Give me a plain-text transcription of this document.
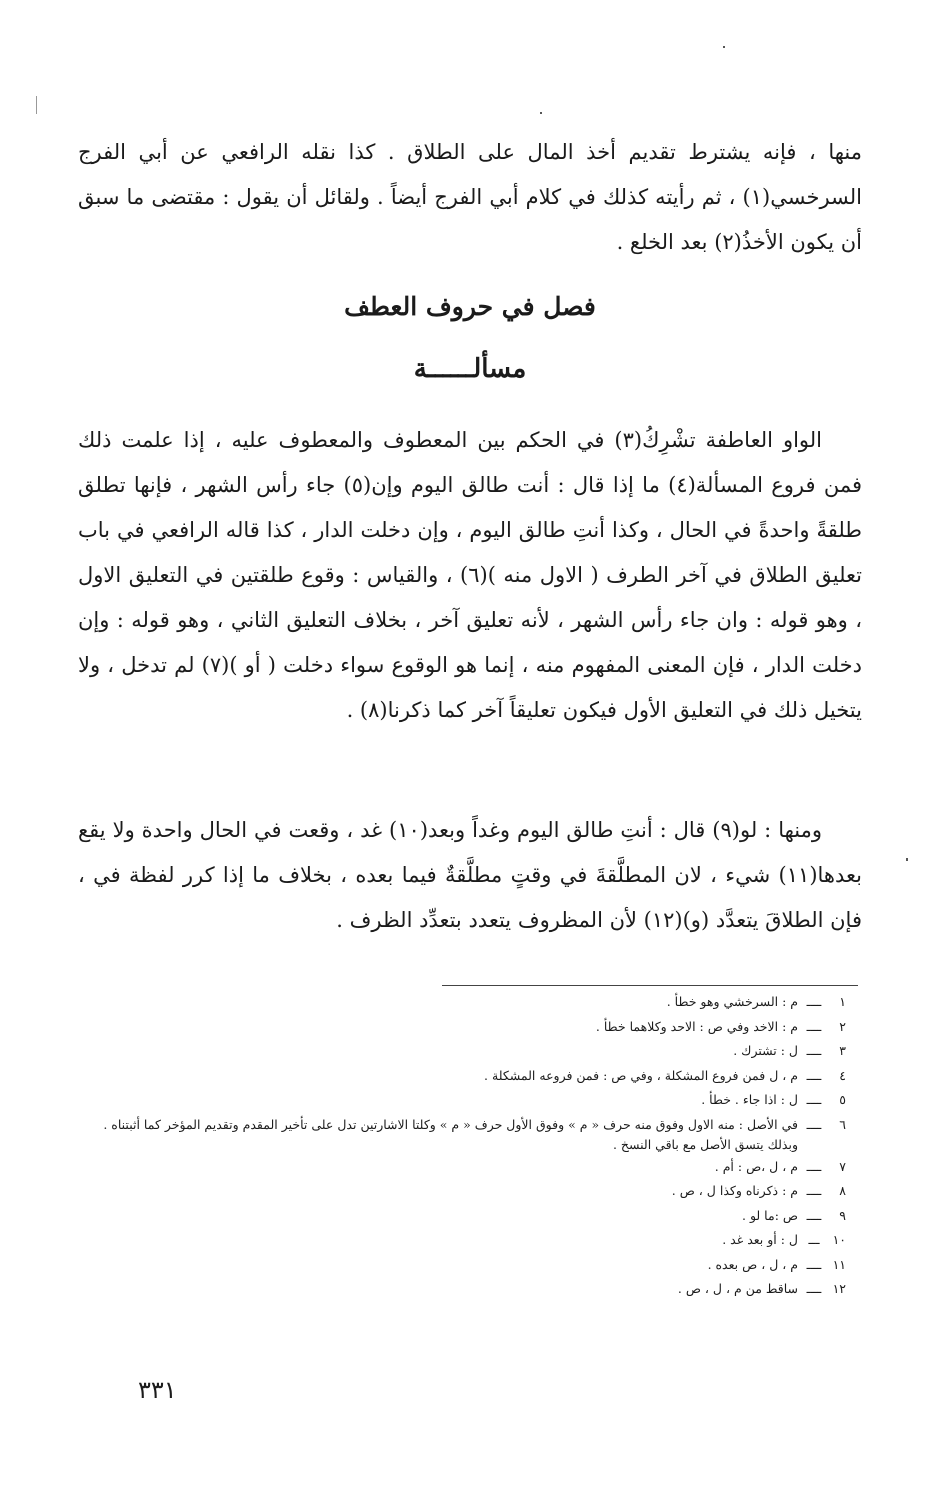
منها ، فإنه يشترط تقديم أخذ المال على الطلاق . كذا نقله الرافعي عن أبي الفرج السرخسي(١) ، ثم رأيته كذلك في كلام أبي الفرج أيضاً . ولقائل أن يقول : مقتضى ما سبق أن يكون الأخذُ(٢) بعد الخلع .

فصل في حروف العطف
مسألــــــة

الواو العاطفة تشْرِكُ(٣) في الحكم بين المعطوف والمعطوف عليه ، إذا علمت ذلك فمن فروع المسألة(٤) ما إذا قال : أنت طالق اليوم وإن(٥) جاء رأس الشهر ، فإنها تطلق طلقةً واحدةً في الحال ، وكذا أنتِ طالق اليوم ، وإن دخلت الدار ، كذا قاله الرافعي في باب تعليق الطلاق في آخر الطرف ( الاول منه )(٦) ، والقياس : وقوع طلقتين في التعليق الاول ، وهو قوله : وان جاء رأس الشهر ، لأنه تعليق آخر ، بخلاف التعليق الثاني ، وهو قوله : وإن دخلت الدار ، فإن المعنى المفهوم منه ، إنما هو الوقوع سواء دخلت ( أو )(٧) لم تدخل ، ولا يتخيل ذلك في التعليق الأول فيكون تعليقاً آخر كما ذكرنا(٨) .

ومنها : لو(٩) قال : أنتِ طالق اليوم وغداً وبعد(١٠) غد ، وقعت في الحال واحدة ولا يقع بعدها(١١) شيء ، لان المطلَّقةَ في وقتٍ مطلَّقةٌ فيما بعده ، بخلاف ما إذا كرر لفظة في ، فإن الطلاقَ يتعدَّد (و)(١٢) لأن المظروف يتعدد بتعدِّد الظرف .

١
ــــ
م : السرخشي وهو خطأ .
٢
ــــ
م : الاخد وفي ص : الاحد وكلاهما خطأ .
٣
ــــ
ل : تشترك .
٤
ــــ
م ، ل فمن فروع المشكلة ، وفي ص : فمن فروعه المشكلة .
٥
ــــ
ل : اذا جاء . خطأ .
٦
ــــ
في الأصل : منه الاول وفوق منه حرف « م » وفوق الأول حرف « م » وكلتا الاشارتين تدل على تأخير المقدم وتقديم المؤخر كما أثبتناه . وبذلك يتسق الأصل مع باقي النسخ .
٧
ــــ
م ، ل ،ص : أم .
٨
ــــ
م : ذكرناه وكذا ل ، ص .
٩
ــــ
ص :ما لو .
١٠
ـــ
ل : أو بعد غد .
١١
ــــ
م ، ل ، ص بعده .
١٢
ــــ
ساقط من م ، ل ، ص .
٣٣١
